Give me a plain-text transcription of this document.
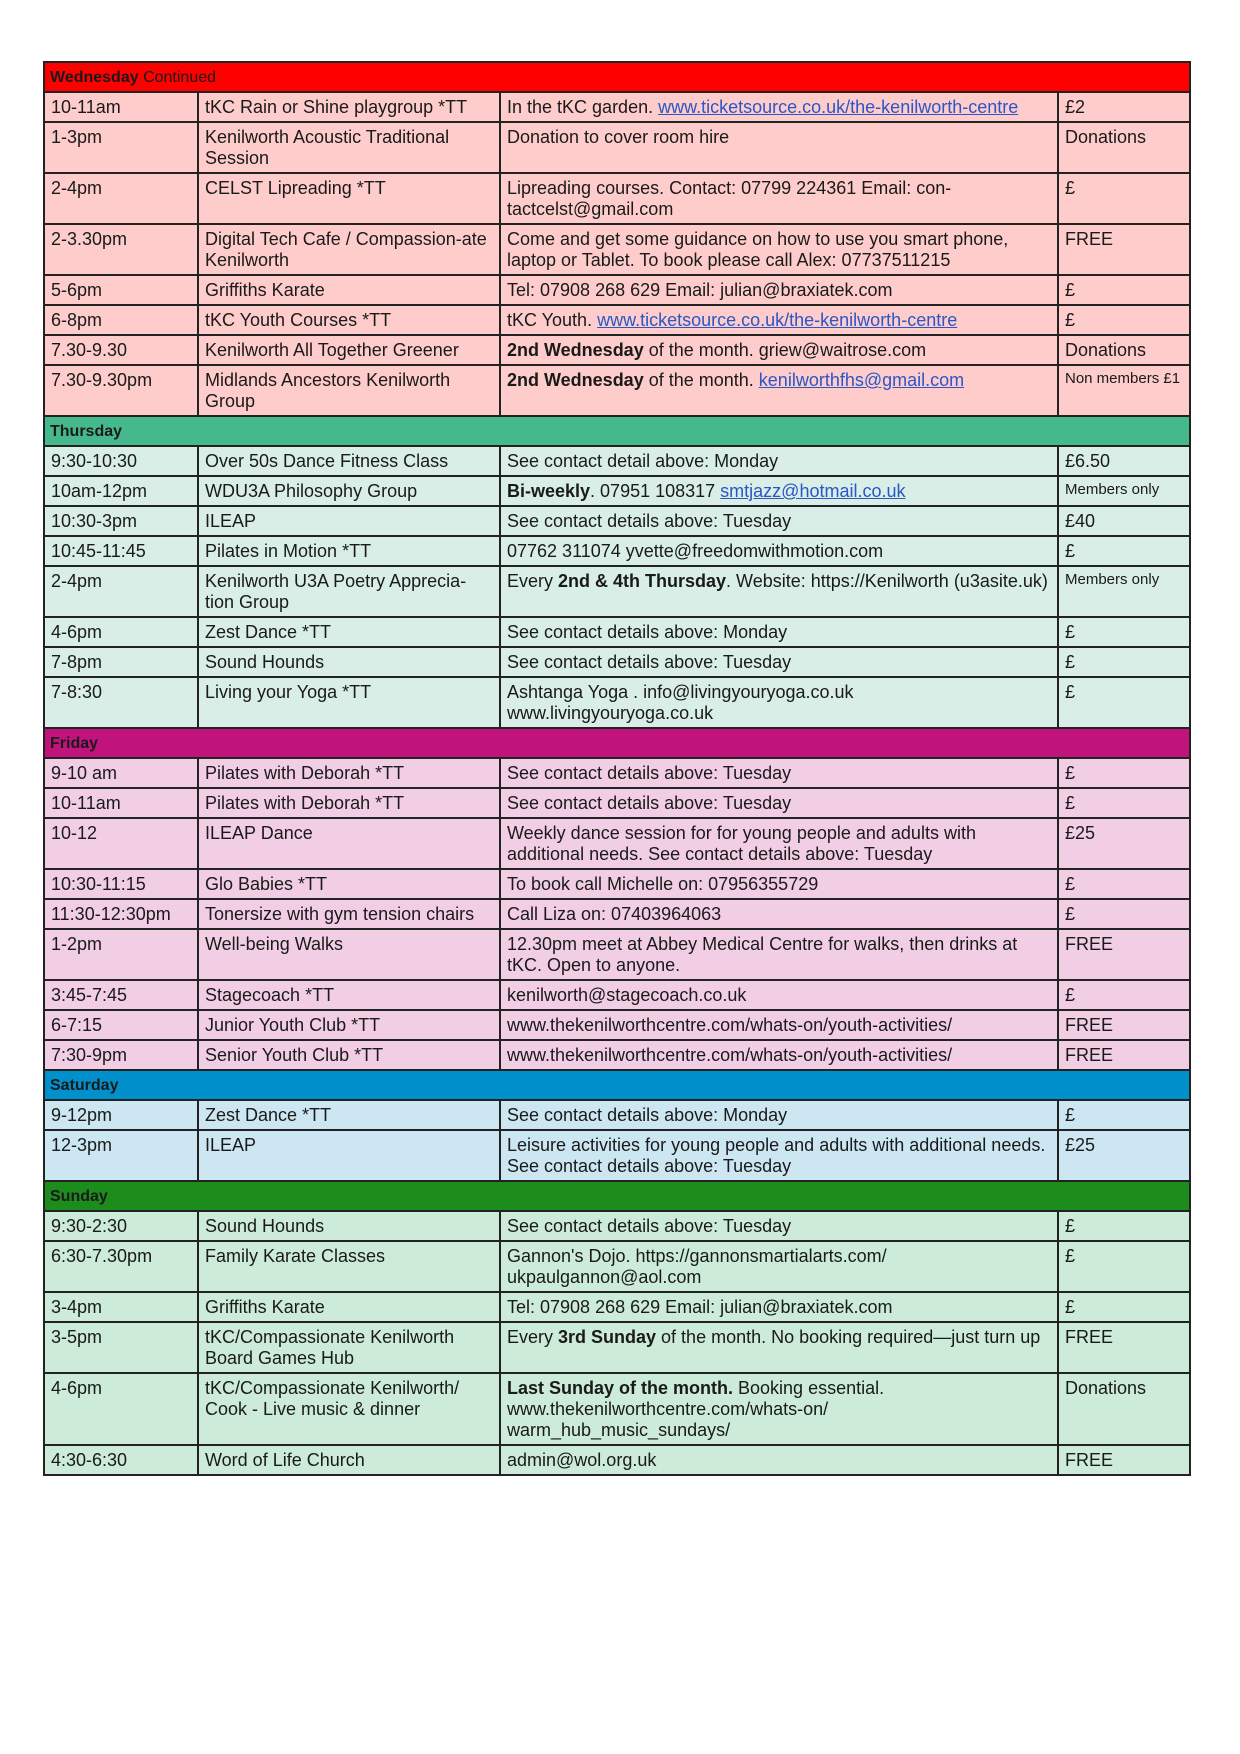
Wednesday Continued			
10-11am	tKC Rain or Shine playgroup *TT	In the tKC garden. www.ticketsource.co.uk/the-kenilworth-centre	£2
1-3pm	Kenilworth Acoustic Traditional Session	Donation to cover room hire	Donations
2-4pm	CELST Lipreading *TT	Lipreading courses. Contact: 07799 224361 Email: con-tactcelst@gmail.com	£
2-3.30pm	Digital Tech Cafe / Compassion-ate Kenilworth	Come and get some guidance on how to use you smart phone, laptop or Tablet. To book please call Alex: 07737511215	FREE
5-6pm	Griffiths Karate	Tel: 07908 268 629 Email: julian@braxiatek.com	£
6-8pm	tKC Youth Courses *TT	tKC Youth. www.ticketsource.co.uk/the-kenilworth-centre	£
7.30-9.30	Kenilworth All Together Greener	2nd Wednesday of the month. griew@waitrose.com	Donations
7.30-9.30pm	Midlands Ancestors Kenilworth Group	2nd Wednesday of the month. kenilworthfhs@gmail.com	Non members £1
Thursday			
9:30-10:30	Over 50s Dance Fitness Class	See contact detail above: Monday	£6.50
10am-12pm	WDU3A Philosophy Group	Bi-weekly. 07951 108317 smtjazz@hotmail.co.uk	Members only
10:30-3pm	ILEAP	See contact details above: Tuesday	£40
10:45-11:45	Pilates in Motion *TT	07762 311074 yvette@freedomwithmotion.com	£
2-4pm	Kenilworth U3A Poetry Apprecia-tion Group	Every 2nd & 4th Thursday. Website: https://Kenilworth (u3asite.uk)	Members only
4-6pm	Zest Dance *TT	See contact details above: Monday	£
7-8pm	Sound Hounds	See contact details above: Tuesday	£
7-8:30	Living your Yoga *TT	Ashtanga Yoga . info@livingyouryoga.co.uk www.livingyouryoga.co.uk	£
Friday			
9-10 am	Pilates with Deborah *TT	See contact details above: Tuesday	£
10-11am	Pilates with Deborah *TT	See contact details above: Tuesday	£
10-12	ILEAP Dance	Weekly dance session for for young people and adults with additional needs. See contact details above: Tuesday	£25
10:30-11:15	Glo Babies *TT	To book call Michelle on: 07956355729	£
11:30-12:30pm	Tonersize with gym tension chairs	Call Liza on: 07403964063	£
1-2pm	Well-being Walks	12.30pm meet at Abbey Medical Centre for walks, then drinks at tKC. Open to anyone.	FREE
3:45-7:45	Stagecoach *TT	kenilworth@stagecoach.co.uk	£
6-7:15	Junior Youth Club *TT	www.thekenilworthcentre.com/whats-on/youth-activities/	FREE
7:30-9pm	Senior Youth Club *TT	www.thekenilworthcentre.com/whats-on/youth-activities/	FREE
Saturday			
9-12pm	Zest Dance *TT	See contact details above: Monday	£
12-3pm	ILEAP	Leisure activities for young people and adults with additional needs. See contact details above: Tuesday	£25
Sunday			
9:30-2:30	Sound Hounds	See contact details above: Tuesday	£
6:30-7.30pm	Family Karate Classes	Gannon's Dojo. https://gannonsmartialarts.com/ ukpaulgannon@aol.com	£
3-4pm	Griffiths Karate	Tel: 07908 268 629 Email: julian@braxiatek.com	£
3-5pm	tKC/Compassionate Kenilworth Board Games Hub	Every 3rd Sunday of the month. No booking required—just turn up	FREE
4-6pm	tKC/Compassionate Kenilworth/ Cook - Live music & dinner	Last Sunday of the month. Booking essential. www.thekenilworthcentre.com/whats-on/ warm_hub_music_sundays/	Donations
4:30-6:30	Word of Life Church	admin@wol.org.uk	FREE
